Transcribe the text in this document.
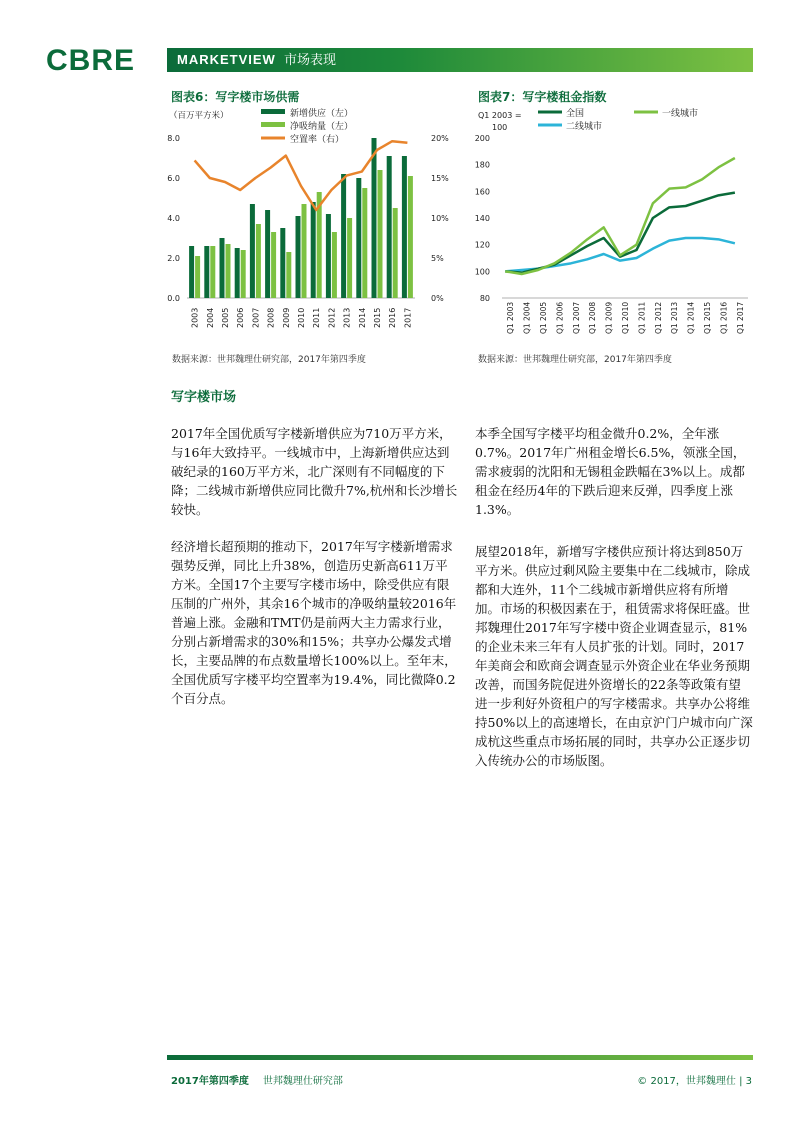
CBRE	MARKETVIEW 市场表现
图表6：写字楼市场供需
（百万平方米）
0.0
2.0
4.0
6.0
8.0
0%
5%
10%
15%
20%
2003 2004 2005 2006 2007 2008 2009 2010 2011 2012 2013 2014 2015 2016 2017
新增供应（左）
净吸纳量（左）
空置率（右）
数据来源：世邦魏理仕研究部，2017年第四季度
图表7：写字楼租金指数
Q1 2003 =
100
80
100
120
140
160
180
200
Q1 2003 Q1 2004 Q1 2005 Q1 2006 Q1 2007 Q1 2008 Q1 2009 Q1 2010 Q1 2011 Q1 2012 Q1 2013 Q1 2014 Q1 2015 Q1 2016 Q1 2017
全国	一线城市
二线城市
数据来源：世邦魏理仕研究部，2017年第四季度
写字楼市场

2017年全国优质写字楼新增供应为710万平方米，与16年大致持平。一线城市中，上海新增供应达到破纪录的160万平方米，北广深则有不同幅度的下降；二线城市新增供应同比微升7%,杭州和长沙增长较快。

经济增长超预期的推动下，2017年写字楼新增需求强势反弹，同比上升38%，创造历史新高611万平方米。全国17个主要写字楼市场中，除受供应有限压制的广州外，其余16个城市的净吸纳量较2016年普遍上涨。金融和TMT仍是前两大主力需求行业，分别占新增需求的30%和15%；共享办公爆发式增长，主要品牌的布点数量增长100%以上。至年末，全国优质写字楼平均空置率为19.4%，同比微降0.2个百分点。

本季全国写字楼平均租金微升0.2%，全年涨0.7%。2017年广州租金增长6.5%，领涨全国，需求疲弱的沈阳和无锡租金跌幅在3%以上。成都租金在经历4年的下跌后迎来反弹，四季度上涨1.3%。

展望2018年，新增写字楼供应预计将达到850万平方米。供应过剩风险主要集中在二线城市，除成都和大连外，11个二线城市新增供应将有所增加。市场的积极因素在于，租赁需求将保旺盛。世邦魏理仕2017年写字楼中资企业调查显示，81%的企业未来三年有人员扩张的计划。同时，2017年美商会和欧商会调查显示外资企业在华业务预期改善，而国务院促进外资增长的22条等政策有望进一步利好外资租户的写字楼需求。共享办公将维持50%以上的高速增长，在由京沪门户城市向广深成杭这些重点市场拓展的同时，共享办公正逐步切入传统办公的市场版图。

2017年第四季度 世邦魏理仕研究部	© 2017，世邦魏理仕 | 3
